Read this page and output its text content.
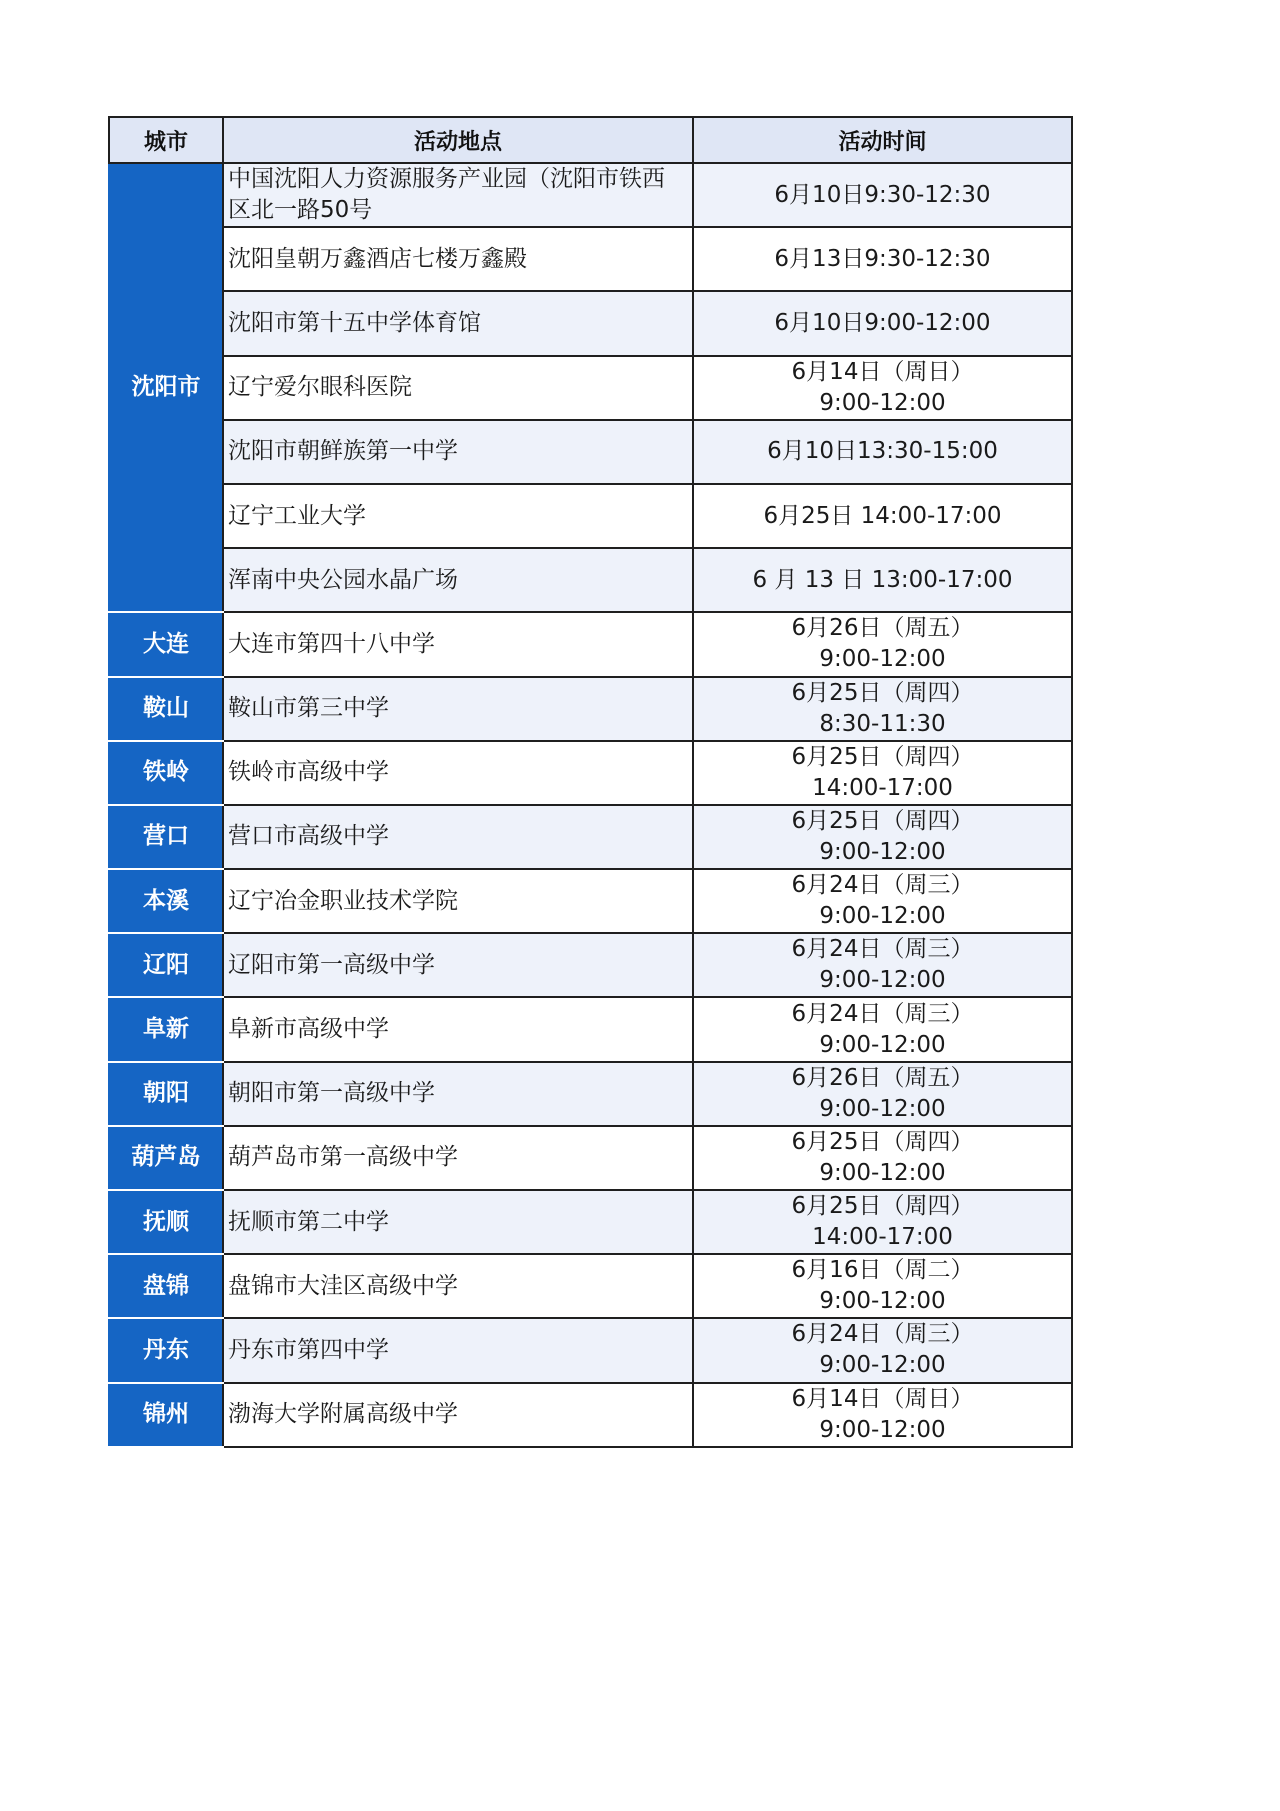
城市	活动地点	活动时间
沈阳市	中国沈阳人力资源服务产业园（沈阳市铁西区北一路50号	6月10日9:30-12:30

	沈阳皇朝万鑫酒店七楼万鑫殿	6月13日9:30-12:30

	沈阳市第十五中学体育馆	6月10日9:00-12:00

	辽宁爱尔眼科医院	6月14日（周日）
9:00-12:00

	沈阳市朝鲜族第一中学	6月10日13:30-15:00

	辽宁工业大学	6月25日 14:00-17:00

	浑南中央公园水晶广场	6 月 13 日 13:00-17:00

大连	大连市第四十八中学	6月26日（周五）
9:00-12:00

鞍山	鞍山市第三中学	6月25日（周四）
8:30-11:30

铁岭	铁岭市高级中学	6月25日（周四）
14:00-17:00

营口	营口市高级中学	6月25日（周四）
9:00-12:00

本溪	辽宁冶金职业技术学院	6月24日（周三）
9:00-12:00

辽阳	辽阳市第一高级中学	6月24日（周三）
9:00-12:00

阜新	阜新市高级中学	6月24日（周三）
9:00-12:00

朝阳	朝阳市第一高级中学	6月26日（周五）
9:00-12:00

葫芦岛	葫芦岛市第一高级中学	6月25日（周四）
9:00-12:00

抚顺	抚顺市第二中学	6月25日（周四）
14:00-17:00

盘锦	盘锦市大洼区高级中学	6月16日（周二）
9:00-12:00

丹东	丹东市第四中学	6月24日（周三）
9:00-12:00

锦州	渤海大学附属高级中学	6月14日（周日）
9:00-12:00
